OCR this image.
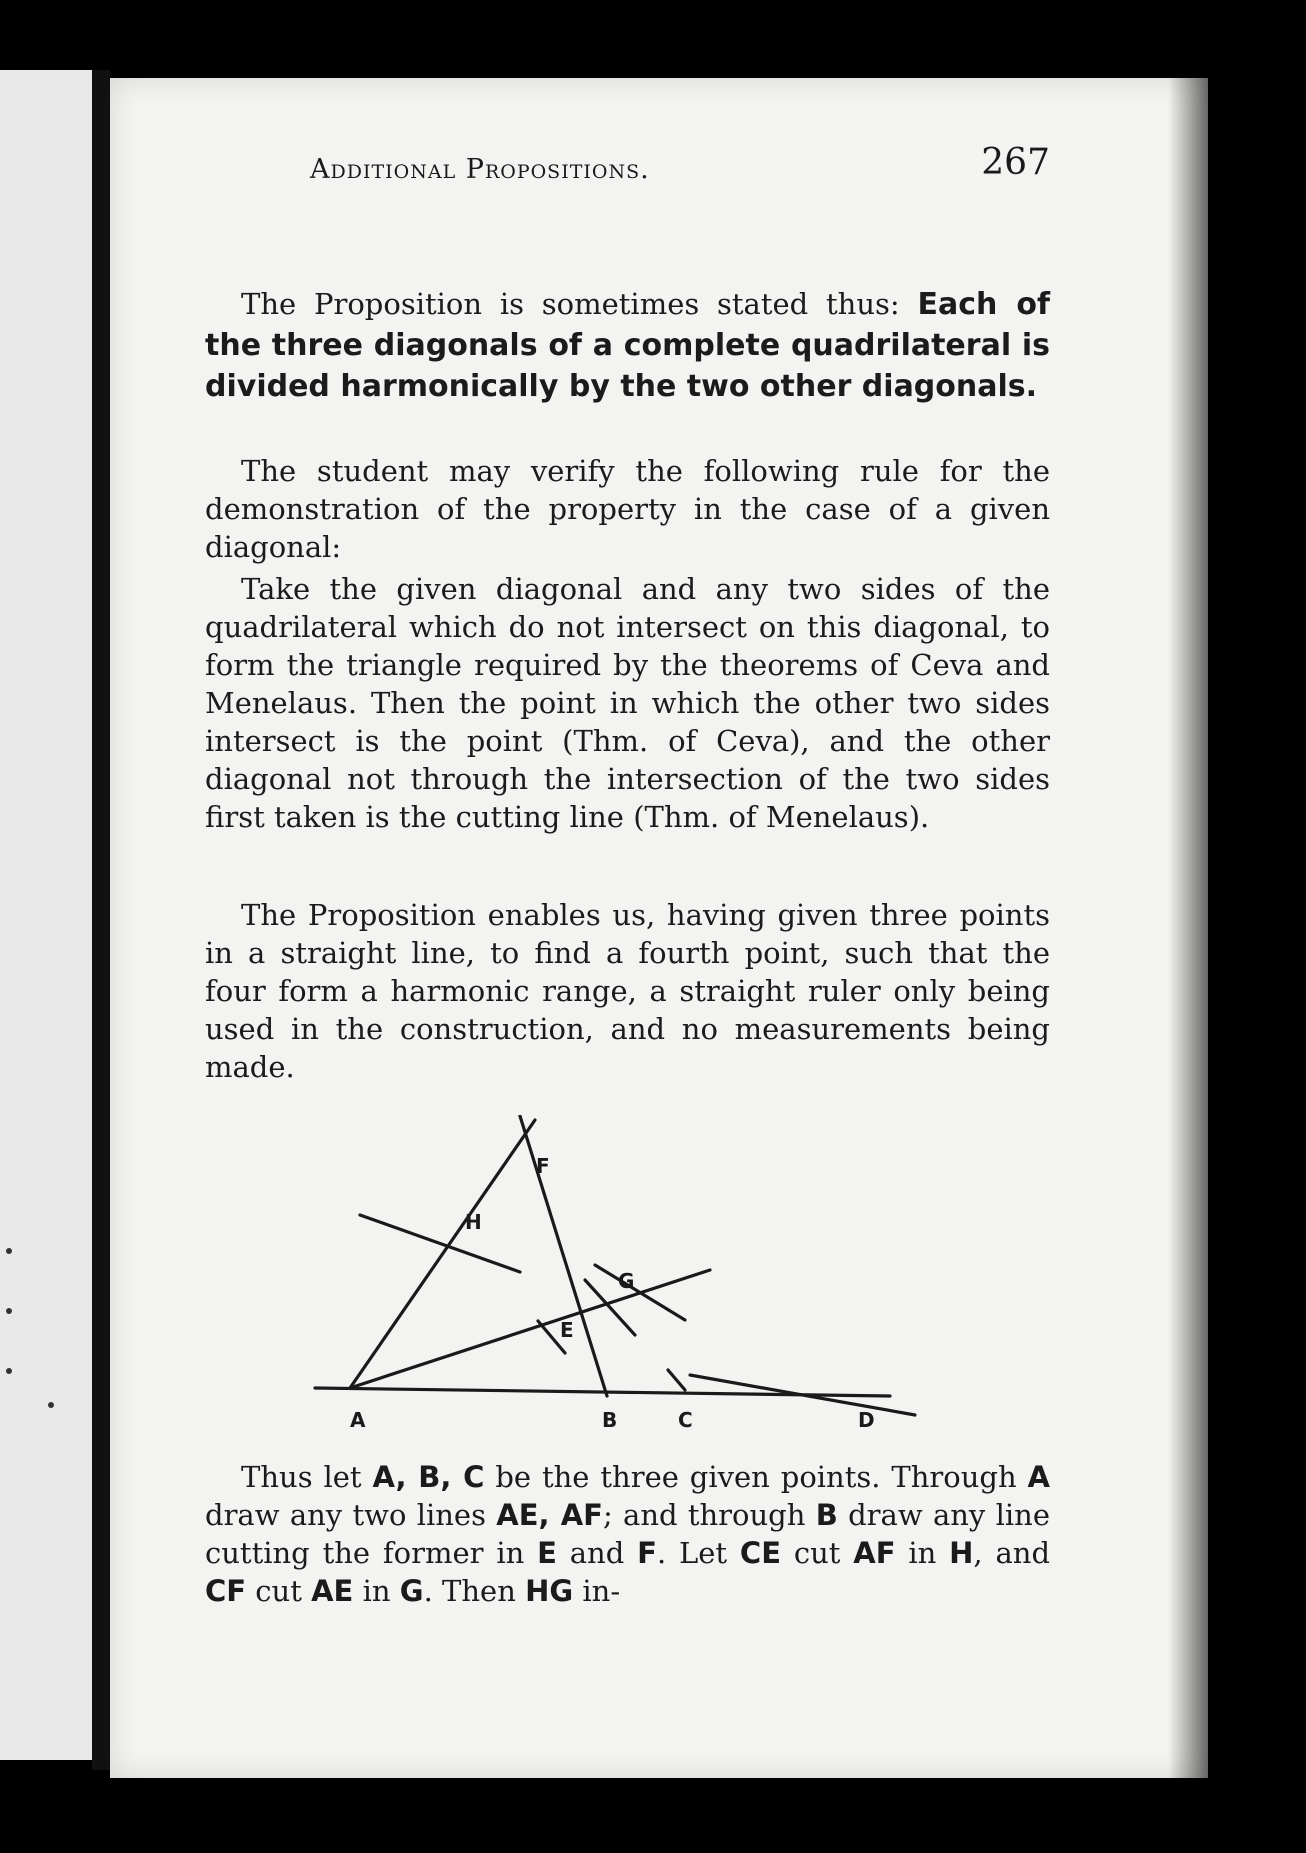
Additional Propositions.	267
The Proposition is sometimes stated thus: Each of the three diagonals of a complete quadrilateral is divided harmonically by the two other diagonals.
The student may verify the following rule for the demonstration of the property in the case of a given diagonal:
Take the given diagonal and any two sides of the quadrilateral which do not intersect on this diagonal, to form the triangle required by the theorems of Ceva and Menelaus. Then the point in which the other two sides intersect is the point (Thm. of Ceva), and the other diagonal not through the intersection of the two sides first taken is the cutting line (Thm. of Menelaus).
The Proposition enables us, having given three points in a straight line, to find a fourth point, such that the four form a harmonic range, a straight ruler only being used in the construction, and no measurements being made.
A	B	C	D
E
F
G
H
Thus let A, B, C be the three given points. Through A draw any two lines AE, AF; and through B draw any line cutting the former in E and F. Let CE cut AF in H, and CF cut AE in G. Then HG in-
